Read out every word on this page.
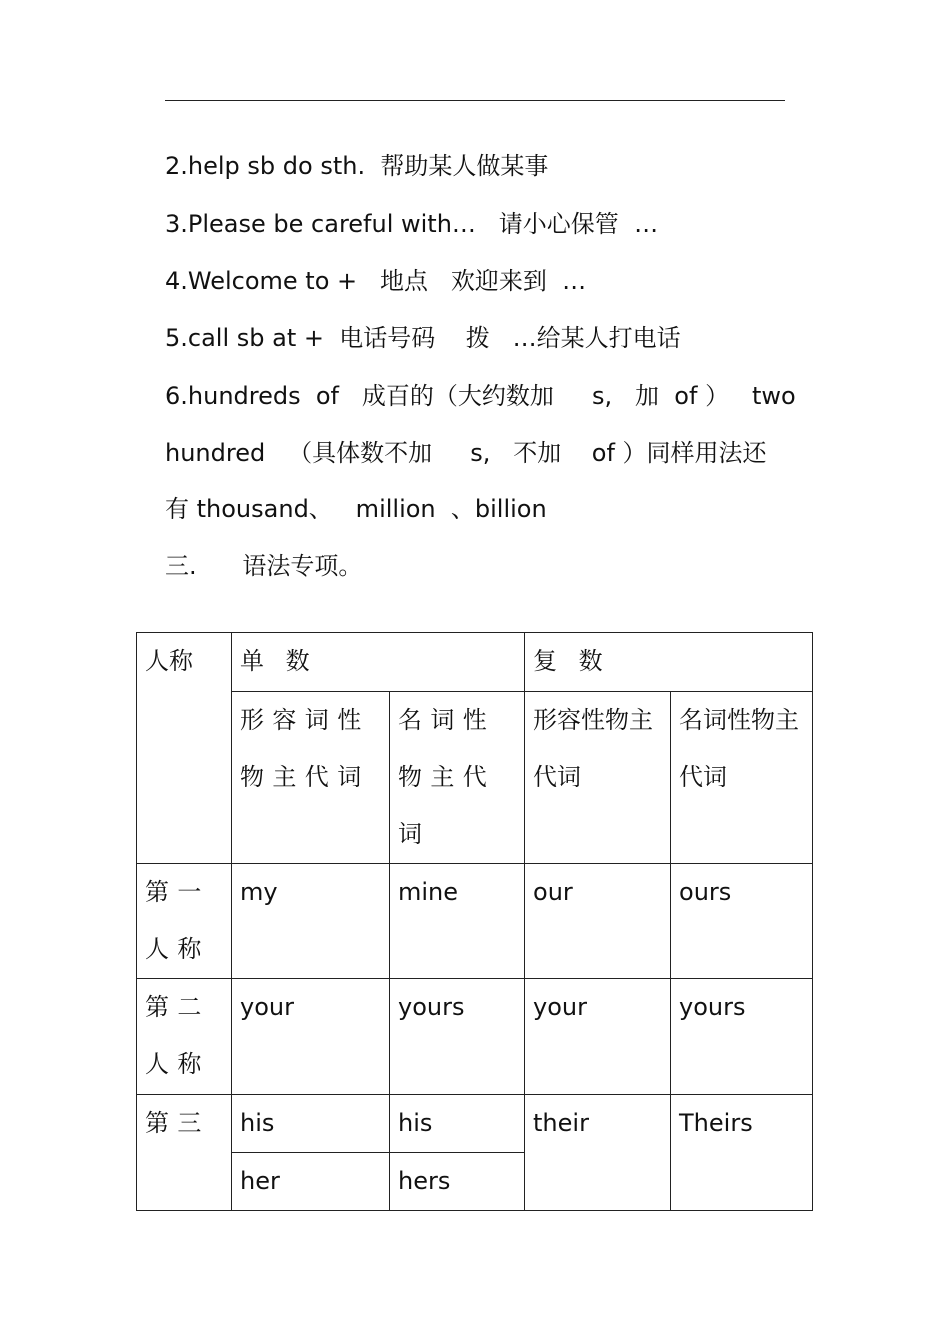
2.help sb do sth.  帮助某人做某事
3.Please be careful with…   请小心保管  …
4.Welcome to +   地点   欢迎来到  …
5.call sb at +  电话号码    拨   …给某人打电话
6.hundreds  of   成百的（大约数加     s,   加  of ）   two
hundred   （具体数不加     s,   不加    of ）同样用法还
有 thousand、   million  、billion
三.      语法专项。
人称	单数		复数	
	形容词性物主代词	名词性物主代词	形容性物主代词	名词性物主代词
第一人称	my	mine	our	ours
第二人称	your	yours	your	yours
第三	his	his	their	Theirs
	her	hers		
